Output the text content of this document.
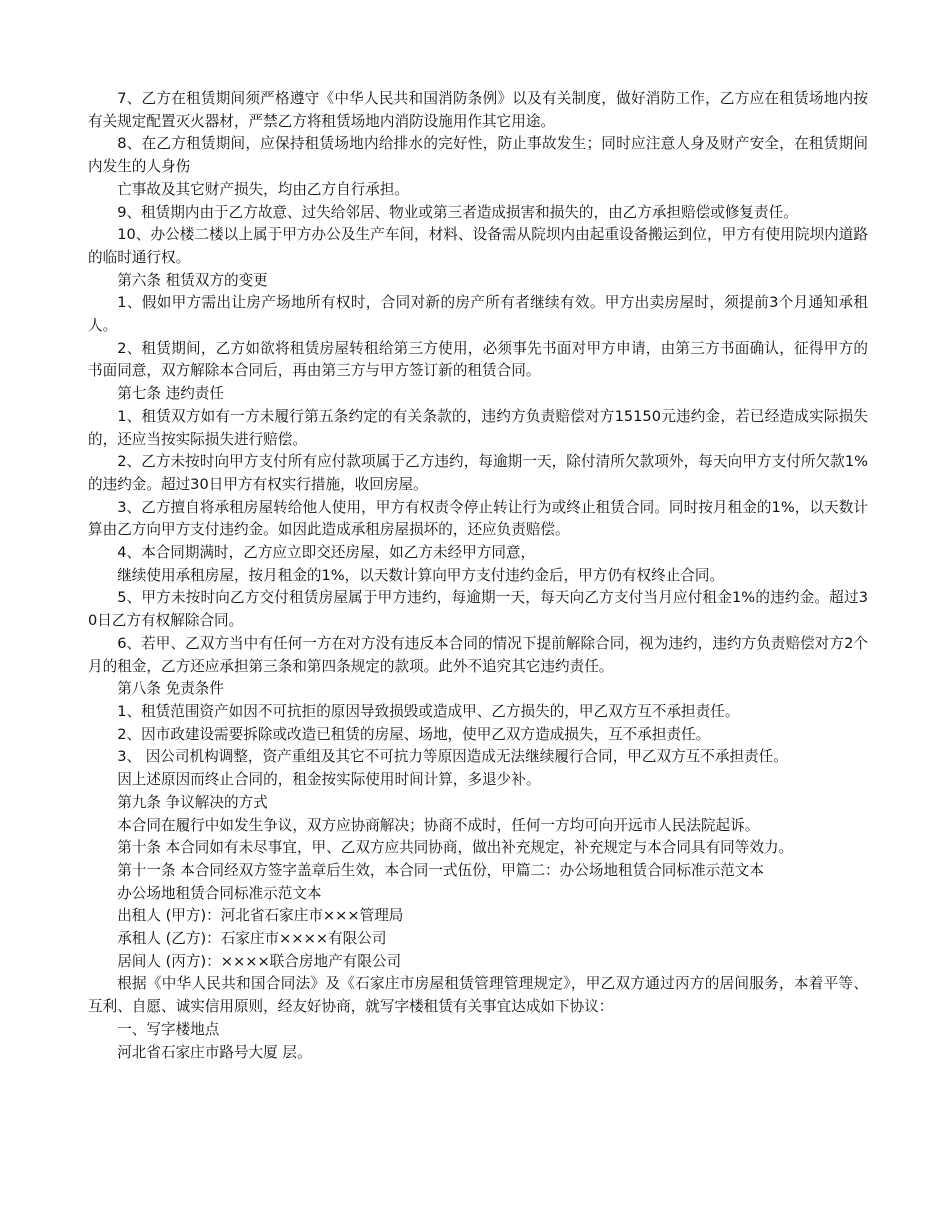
7、乙方在租赁期间须严格遵守《中华人民共和国消防条例》以及有关制度，做好消防工作，乙方应在租赁场地内按有关规定配置灭火器材，严禁乙方将租赁场地内消防设施用作其它用途。

8、在乙方租赁期间，应保持租赁场地内给排水的完好性，防止事故发生；同时应注意人身及财产安全，在租赁期间内发生的人身伤

亡事故及其它财产损失，均由乙方自行承担。

9、租赁期内由于乙方故意、过失给邻居、物业或第三者造成损害和损失的，由乙方承担赔偿或修复责任。

10、办公楼二楼以上属于甲方办公及生产车间，材料、设备需从院坝内由起重设备搬运到位，甲方有使用院坝内道路的临时通行权。

第六条 租赁双方的变更

1、假如甲方需出让房产场地所有权时，合同对新的房产所有者继续有效。甲方出卖房屋时，须提前3个月通知承租人。

2、租赁期间，乙方如欲将租赁房屋转租给第三方使用，必须事先书面对甲方申请，由第三方书面确认，征得甲方的书面同意，双方解除本合同后，再由第三方与甲方签订新的租赁合同。

第七条 违约责任

1、租赁双方如有一方未履行第五条约定的有关条款的，违约方负责赔偿对方15150元违约金，若已经造成实际损失的，还应当按实际损失进行赔偿。

2、乙方未按时向甲方支付所有应付款项属于乙方违约，每逾期一天，除付清所欠款项外，每天向甲方支付所欠款1%的违约金。超过30日甲方有权实行措施，收回房屋。

3、乙方擅自将承租房屋转给他人使用，甲方有权责令停止转让行为或终止租赁合同。同时按月租金的1%，以天数计算由乙方向甲方支付违约金。如因此造成承租房屋损坏的，还应负责赔偿。

4、本合同期满时，乙方应立即交还房屋，如乙方未经甲方同意，

继续使用承租房屋，按月租金的1%，以天数计算向甲方支付违约金后，甲方仍有权终止合同。

5、甲方未按时向乙方交付租赁房屋属于甲方违约，每逾期一天，每天向乙方支付当月应付租金1%的违约金。超过30日乙方有权解除合同。

6、若甲、乙双方当中有任何一方在对方没有违反本合同的情况下提前解除合同，视为违约，违约方负责赔偿对方2个月的租金，乙方还应承担第三条和第四条规定的款项。此外不追究其它违约责任。

第八条 免责条件

1、租赁范围资产如因不可抗拒的原因导致损毁或造成甲、乙方损失的，甲乙双方互不承担责任。

2、因市政建设需要拆除或改造已租赁的房屋、场地，使甲乙双方造成损失，互不承担责任。

3、 因公司机构调整，资产重组及其它不可抗力等原因造成无法继续履行合同，甲乙双方互不承担责任。

因上述原因而终止合同的，租金按实际使用时间计算，多退少补。

第九条 争议解决的方式

本合同在履行中如发生争议，双方应协商解决；协商不成时，任何一方均可向开远市人民法院起诉。

第十条 本合同如有未尽事宜，甲、乙双方应共同协商，做出补充规定，补充规定与本合同具有同等效力。

第十一条 本合同经双方签字盖章后生效，本合同一式伍份，甲篇二：办公场地租赁合同标准示范文本

办公场地租赁合同标准示范文本

出租人 (甲方)：河北省石家庄市×××管理局

承租人 (乙方)：石家庄市××××有限公司

居间人 (丙方)：××××联合房地产有限公司

根据《中华人民共和国合同法》及《石家庄市房屋租赁管理管理规定》，甲乙双方通过丙方的居间服务，本着平等、互利、自愿、诚实信用原则，经友好协商，就写字楼租赁有关事宜达成如下协议：

一、写字楼地点

河北省石家庄市路号大厦 层。
